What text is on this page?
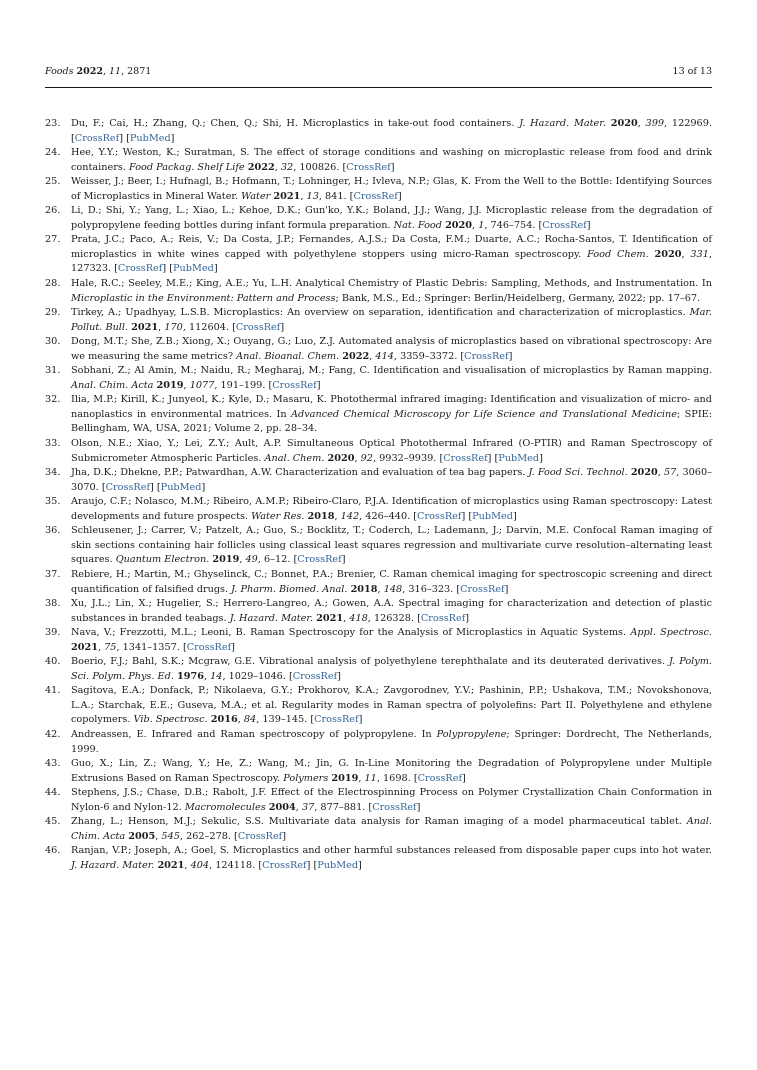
Foods 2022, 11, 2871	13 of 13
23.	Du, F.; Cai, H.; Zhang, Q.; Chen, Q.; Shi, H. Microplastics in take-out food containers. J. Hazard. Mater. 2020, 399, 122969. [CrossRef] [PubMed]
24.	Hee, Y.Y.; Weston, K.; Suratman, S. The effect of storage conditions and washing on microplastic release from food and drink containers. Food Packag. Shelf Life 2022, 32, 100826. [CrossRef]
25.	Weisser, J.; Beer, I.; Hufnagl, B.; Hofmann, T.; Lohninger, H.; Ivleva, N.P.; Glas, K. From the Well to the Bottle: Identifying Sources of Microplastics in Mineral Water. Water 2021, 13, 841. [CrossRef]
26.	Li, D.; Shi, Y.; Yang, L.; Xiao, L.; Kehoe, D.K.; Gun'ko, Y.K.; Boland, J.J.; Wang, J.J. Microplastic release from the degradation of polypropylene feeding bottles during infant formula preparation. Nat. Food 2020, 1, 746–754. [CrossRef]
27.	Prata, J.C.; Paco, A.; Reis, V.; Da Costa, J.P.; Fernandes, A.J.S.; Da Costa, F.M.; Duarte, A.C.; Rocha-Santos, T. Identification of microplastics in white wines capped with polyethylene stoppers using micro-Raman spectroscopy. Food Chem. 2020, 331, 127323. [CrossRef] [PubMed]
28.	Hale, R.C.; Seeley, M.E.; King, A.E.; Yu, L.H. Analytical Chemistry of Plastic Debris: Sampling, Methods, and Instrumentation. In Microplastic in the Environment: Pattern and Process; Bank, M.S., Ed.; Springer: Berlin/Heidelberg, Germany, 2022; pp. 17–67.
29.	Tirkey, A.; Upadhyay, L.S.B. Microplastics: An overview on separation, identification and characterization of microplastics. Mar. Pollut. Bull. 2021, 170, 112604. [CrossRef]
30.	Dong, M.T.; She, Z.B.; Xiong, X.; Ouyang, G.; Luo, Z.J. Automated analysis of microplastics based on vibrational spectroscopy: Are we measuring the same metrics? Anal. Bioanal. Chem. 2022, 414, 3359–3372. [CrossRef]
31.	Sobhani, Z.; Al Amin, M.; Naidu, R.; Megharaj, M.; Fang, C. Identification and visualisation of microplastics by Raman mapping. Anal. Chim. Acta 2019, 1077, 191–199. [CrossRef]
32.	Ilia, M.P.; Kirill, K.; Junyeol, K.; Kyle, D.; Masaru, K. Photothermal infrared imaging: Identification and visualization of micro- and nanoplastics in environmental matrices. In Advanced Chemical Microscopy for Life Science and Translational Medicine; SPIE: Bellingham, WA, USA, 2021; Volume 2, pp. 28–34.
33.	Olson, N.E.; Xiao, Y.; Lei, Z.Y.; Ault, A.P. Simultaneous Optical Photothermal Infrared (O-PTIR) and Raman Spectroscopy of Submicrometer Atmospheric Particles. Anal. Chem. 2020, 92, 9932–9939. [CrossRef] [PubMed]
34.	Jha, D.K.; Dhekne, P.P.; Patwardhan, A.W. Characterization and evaluation of tea bag papers. J. Food Sci. Technol. 2020, 57, 3060–3070. [CrossRef] [PubMed]
35.	Araujo, C.F.; Nolasco, M.M.; Ribeiro, A.M.P.; Ribeiro-Claro, P.J.A. Identification of microplastics using Raman spectroscopy: Latest developments and future prospects. Water Res. 2018, 142, 426–440. [CrossRef] [PubMed]
36.	Schleusener, J.; Carrer, V.; Patzelt, A.; Guo, S.; Bocklitz, T.; Coderch, L.; Lademann, J.; Darvin, M.E. Confocal Raman imaging of skin sections containing hair follicles using classical least squares regression and multivariate curve resolution–alternating least squares. Quantum Electron. 2019, 49, 6–12. [CrossRef]
37.	Rebiere, H.; Martin, M.; Ghyselinck, C.; Bonnet, P.A.; Brenier, C. Raman chemical imaging for spectroscopic screening and direct quantification of falsified drugs. J. Pharm. Biomed. Anal. 2018, 148, 316–323. [CrossRef]
38.	Xu, J.L.; Lin, X.; Hugelier, S.; Herrero-Langreo, A.; Gowen, A.A. Spectral imaging for characterization and detection of plastic substances in branded teabags. J. Hazard. Mater. 2021, 418, 126328. [CrossRef]
39.	Nava, V.; Frezzotti, M.L.; Leoni, B. Raman Spectroscopy for the Analysis of Microplastics in Aquatic Systems. Appl. Spectrosc. 2021, 75, 1341–1357. [CrossRef]
40.	Boerio, F.J.; Bahl, S.K.; Mcgraw, G.E. Vibrational analysis of polyethylene terephthalate and its deuterated derivatives. J. Polym. Sci. Polym. Phys. Ed. 1976, 14, 1029–1046. [CrossRef]
41.	Sagitova, E.A.; Donfack, P.; Nikolaeva, G.Y.; Prokhorov, K.A.; Zavgorodnev, Y.V.; Pashinin, P.P.; Ushakova, T.M.; Novokshonova, L.A.; Starchak, E.E.; Guseva, M.A.; et al. Regularity modes in Raman spectra of polyolefins: Part II. Polyethylene and ethylene copolymers. Vib. Spectrosc. 2016, 84, 139–145. [CrossRef]
42.	Andreassen, E. Infrared and Raman spectroscopy of polypropylene. In Polypropylene; Springer: Dordrecht, The Netherlands, 1999.
43.	Guo, X.; Lin, Z.; Wang, Y.; He, Z.; Wang, M.; Jin, G. In-Line Monitoring the Degradation of Polypropylene under Multiple Extrusions Based on Raman Spectroscopy. Polymers 2019, 11, 1698. [CrossRef]
44.	Stephens, J.S.; Chase, D.B.; Rabolt, J.F. Effect of the Electrospinning Process on Polymer Crystallization Chain Conformation in Nylon-6 and Nylon-12. Macromolecules 2004, 37, 877–881. [CrossRef]
45.	Zhang, L.; Henson, M.J.; Sekulic, S.S. Multivariate data analysis for Raman imaging of a model pharmaceutical tablet. Anal. Chim. Acta 2005, 545, 262–278. [CrossRef]
46.	Ranjan, V.P.; Joseph, A.; Goel, S. Microplastics and other harmful substances released from disposable paper cups into hot water. J. Hazard. Mater. 2021, 404, 124118. [CrossRef] [PubMed]
